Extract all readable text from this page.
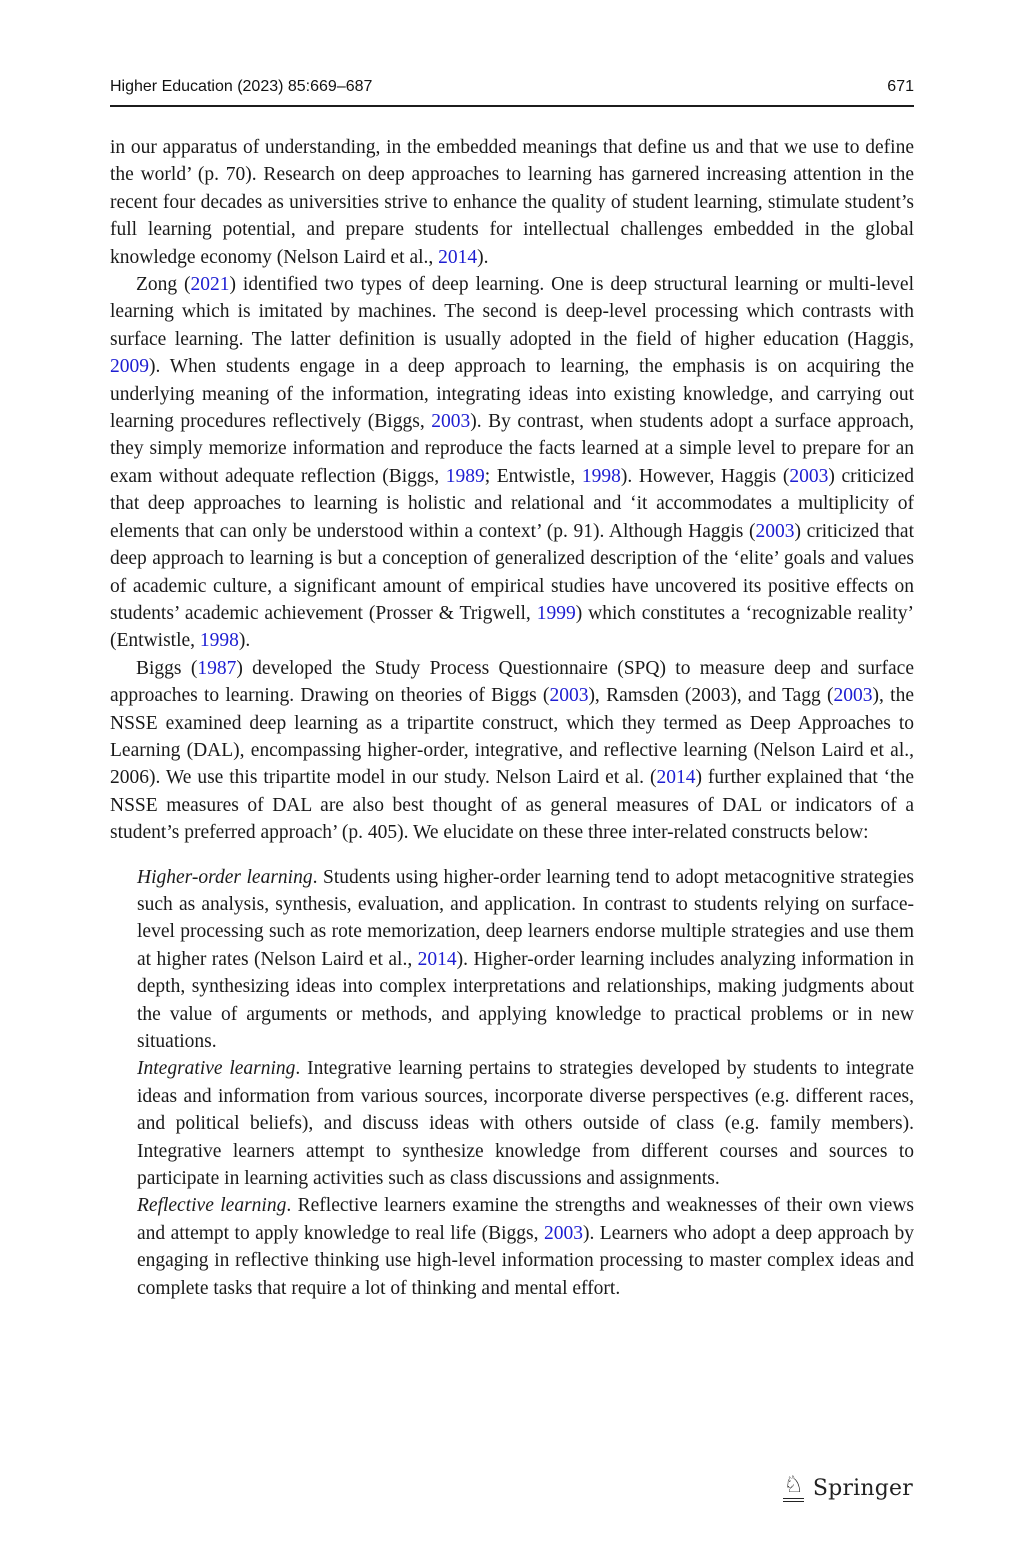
Higher Education (2023) 85:669–687	671

in our apparatus of understanding, in the embedded meanings that define us and that we use to define the world’ (p. 70). Research on deep approaches to learning has garnered increasing attention in the recent four decades as universities strive to enhance the quality of student learning, stimulate student’s full learning potential, and prepare students for intellectual challenges embedded in the global knowledge economy (Nelson Laird et al., 2014).

Zong (2021) identified two types of deep learning. One is deep structural learning or multi-level learning which is imitated by machines. The second is deep-level processing which contrasts with surface learning. The latter definition is usually adopted in the field of higher education (Haggis, 2009). When students engage in a deep approach to learning, the emphasis is on acquiring the underlying meaning of the information, integrating ideas into existing knowledge, and carrying out learning procedures reflectively (Biggs, 2003). By contrast, when students adopt a surface approach, they simply memorize information and reproduce the facts learned at a simple level to prepare for an exam without adequate reflection (Biggs, 1989; Entwistle, 1998). However, Haggis (2003) criticized that deep approaches to learning is holistic and relational and ‘it accommodates a multiplicity of elements that can only be understood within a context’ (p. 91). Although Haggis (2003) criticized that deep approach to learning is but a conception of generalized description of the ‘elite’ goals and values of academic culture, a significant amount of empirical studies have uncovered its positive effects on students’ academic achievement (Prosser & Trigwell, 1999) which constitutes a ‘recognizable reality’ (Entwistle, 1998).

Biggs (1987) developed the Study Process Questionnaire (SPQ) to measure deep and surface approaches to learning. Drawing on theories of Biggs (2003), Ramsden (2003), and Tagg (2003), the NSSE examined deep learning as a tripartite construct, which they termed as Deep Approaches to Learning (DAL), encompassing higher-order, integrative, and reflective learning (Nelson Laird et al., 2006). We use this tripartite model in our study. Nelson Laird et al. (2014) further explained that ‘the NSSE measures of DAL are also best thought of as general measures of DAL or indicators of a student’s preferred approach’ (p. 405). We elucidate on these three inter-related constructs below:

Higher-order learning. Students using higher-order learning tend to adopt metacognitive strategies such as analysis, synthesis, evaluation, and application. In contrast to students relying on surface-level processing such as rote memorization, deep learners endorse multiple strategies and use them at higher rates (Nelson Laird et al., 2014). Higher-order learning includes analyzing information in depth, synthesizing ideas into complex interpretations and relationships, making judgments about the value of arguments or methods, and applying knowledge to practical problems or in new situations.

Integrative learning. Integrative learning pertains to strategies developed by students to integrate ideas and information from various sources, incorporate diverse perspectives (e.g. different races, and political beliefs), and discuss ideas with others outside of class (e.g. family members). Integrative learners attempt to synthesize knowledge from different courses and sources to participate in learning activities such as class discussions and assignments.

Reflective learning. Reflective learners examine the strengths and weaknesses of their own views and attempt to apply knowledge to real life (Biggs, 2003). Learners who adopt a deep approach by engaging in reflective thinking use high-level information processing to master complex ideas and complete tasks that require a lot of thinking and mental effort.

♘ Springer
